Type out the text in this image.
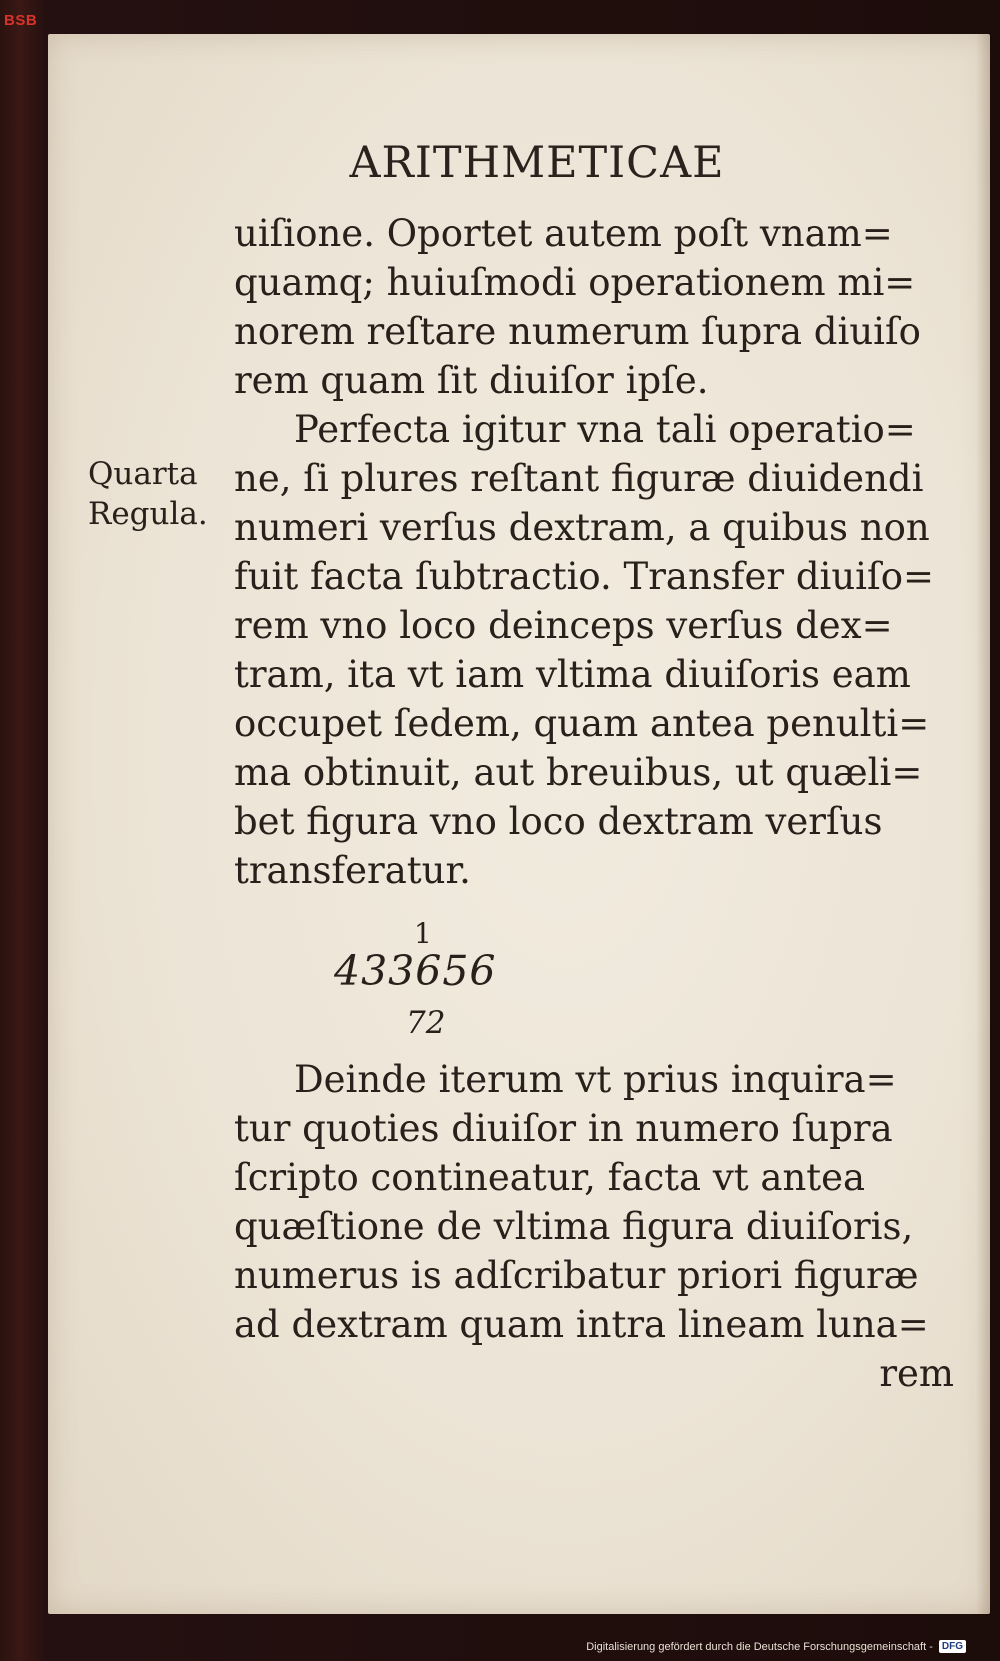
BSB
ARITHMETICAE
Quarta
Regula.
uiſione. Oportet autem poſt vnam=
quamq; huiuſmodi operationem mi=
norem reſtare numerum ſupra diuiſo
rem quam ſit diuiſor ipſe.
Perfecta igitur vna tali operatio=
ne, ſi plures reſtant figuræ diuidendi
numeri verſus dextram, a quibus non
fuit facta ſubtractio. Transfer diuiſo=
rem vno loco deinceps verſus dex=
tram, ita vt iam vltima diuiſoris eam
occupet ſedem, quam antea penulti=
ma obtinuit, aut breuibus, ut quæli=
bet figura vno loco dextram verſus
transferatur.
1
433656
72
Deinde iterum vt prius inquira=
tur quoties diuiſor in numero ſupra
ſcripto contineatur, facta vt antea
quæſtione de vltima figura diuiſoris,
numerus is adſcribatur priori figuræ
ad dextram quam intra lineam luna=
rem
Digitalisierung gefördert durch die Deutsche Forschungsgemeinschaft - DFG
